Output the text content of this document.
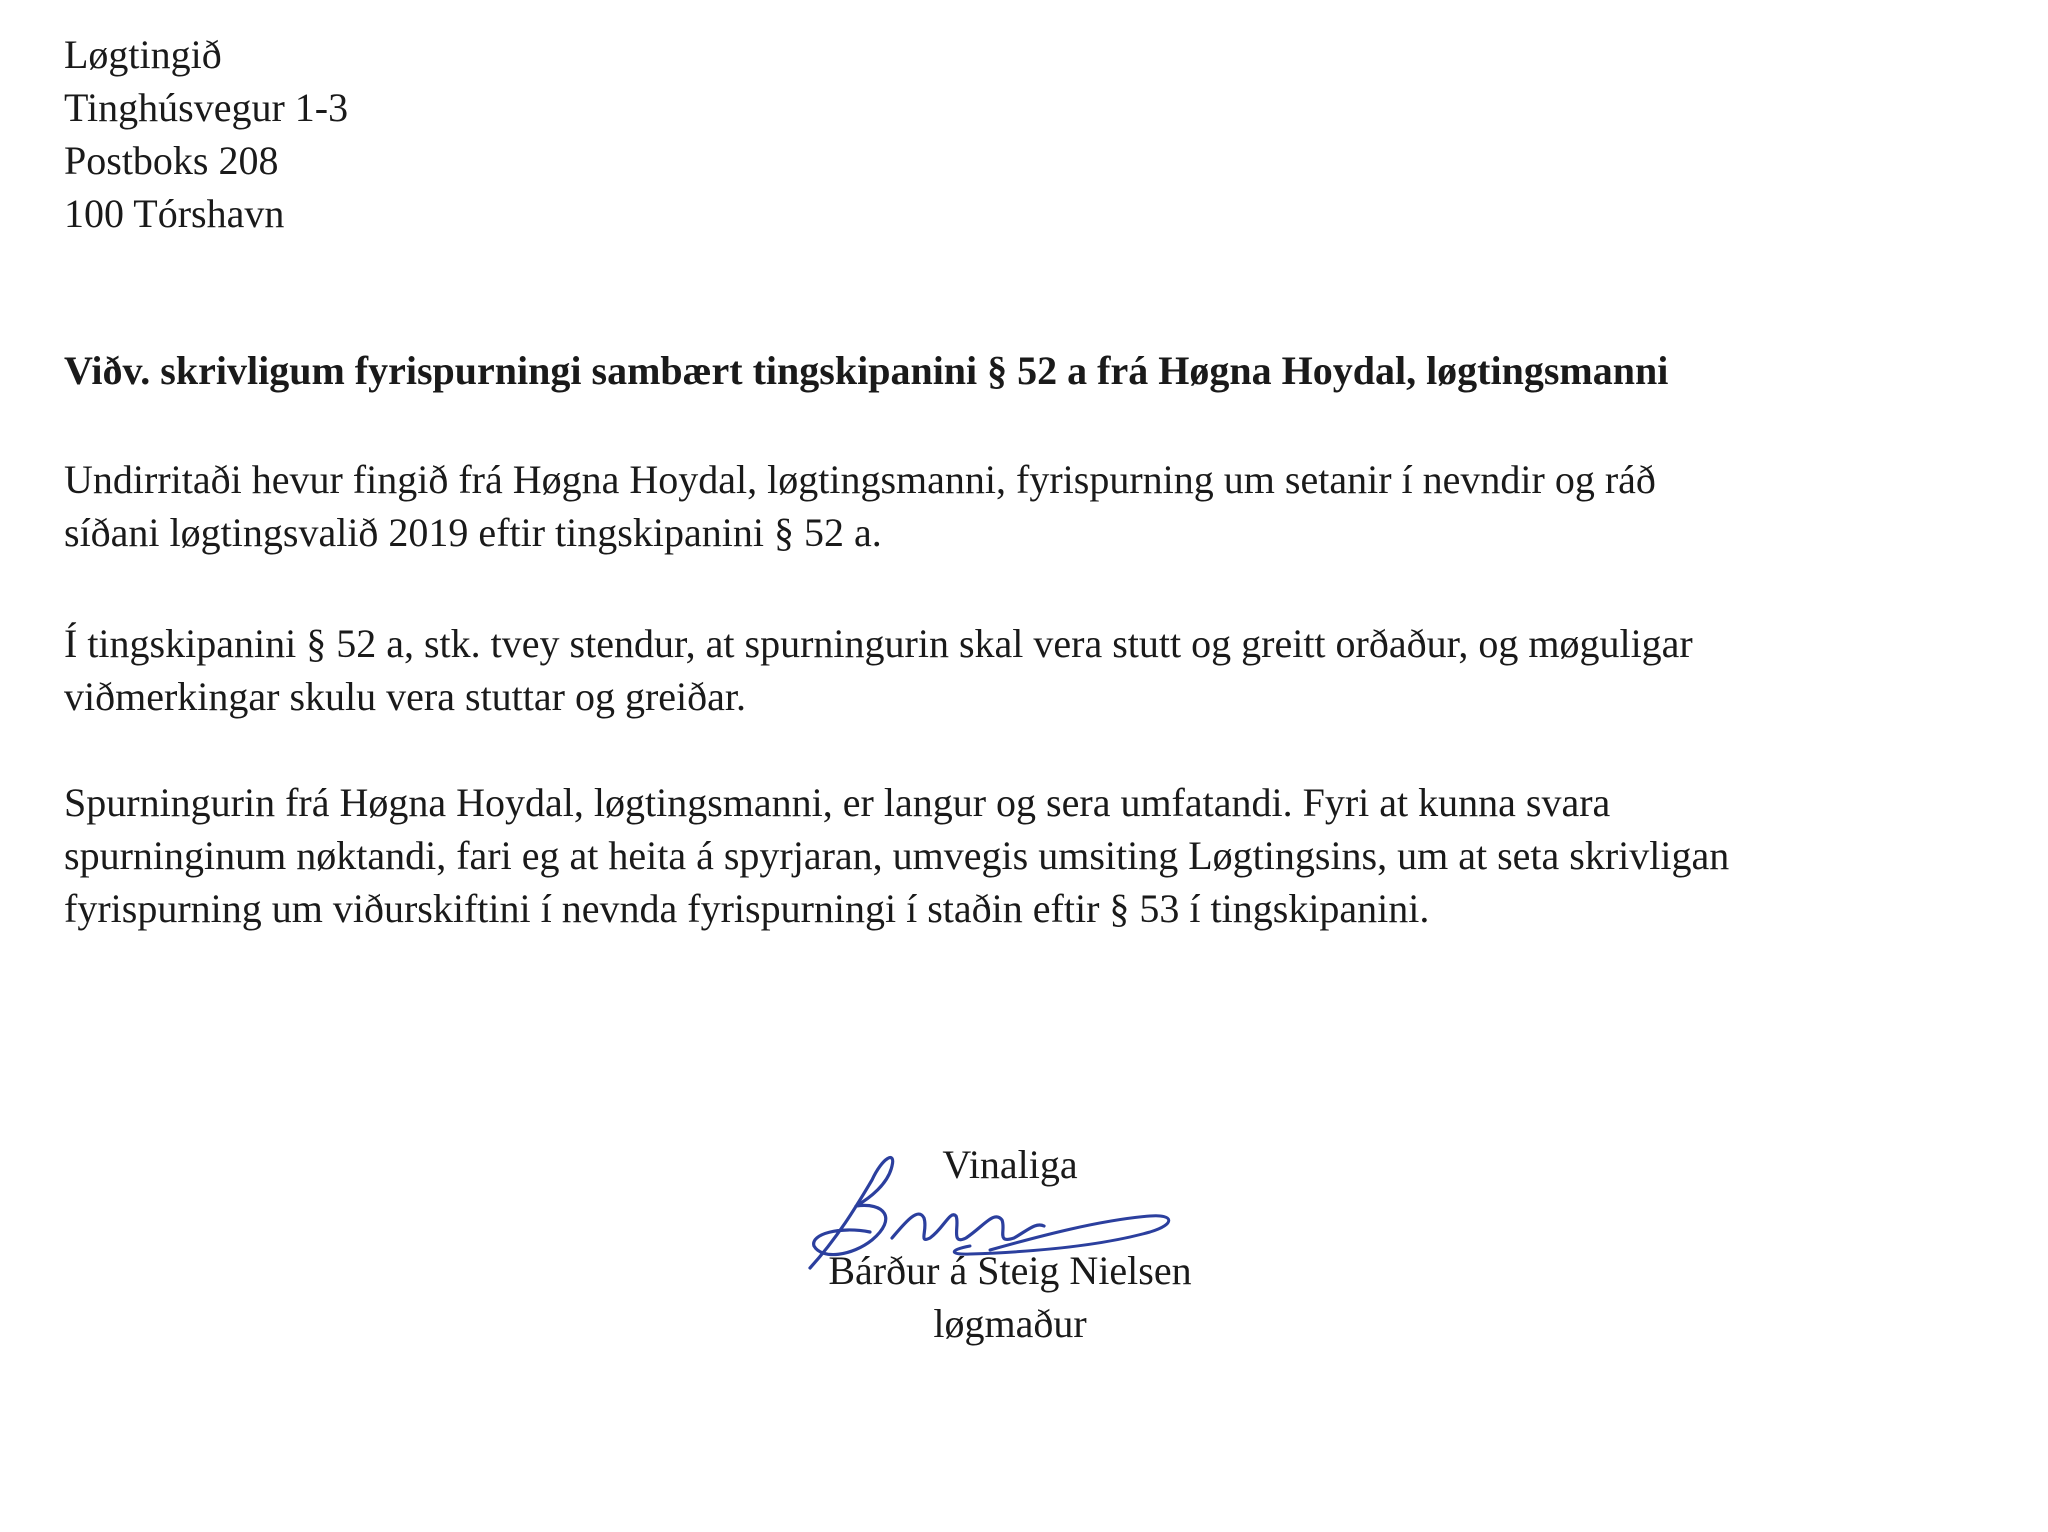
Løgtingið
Tinghúsvegur 1-3
Postboks 208
100 Tórshavn
Viðv. skrivligum fyrispurningi sambært tingskipanini § 52 a frá Høgna Hoydal, løgtingsmanni
Undirritaði hevur fingið frá Høgna Hoydal, løgtingsmanni, fyrispurning um setanir í nevndir og ráð
síðani løgtingsvalið 2019 eftir tingskipanini § 52 a.
Í tingskipanini § 52 a, stk. tvey stendur, at spurningurin skal vera stutt og greitt orðaður, og møguligar
viðmerkingar skulu vera stuttar og greiðar.
Spurningurin frá Høgna Hoydal, løgtingsmanni, er langur og sera umfatandi. Fyri at kunna svara
spurninginum nøktandi, fari eg at heita á spyrjaran, umvegis umsiting Løgtingsins, um at seta skrivligan
fyrispurning um viðurskiftini í nevnda fyrispurningi í staðin eftir § 53 í tingskipanini.
Vinaliga
Bárður á Steig Nielsen
løgmaður
